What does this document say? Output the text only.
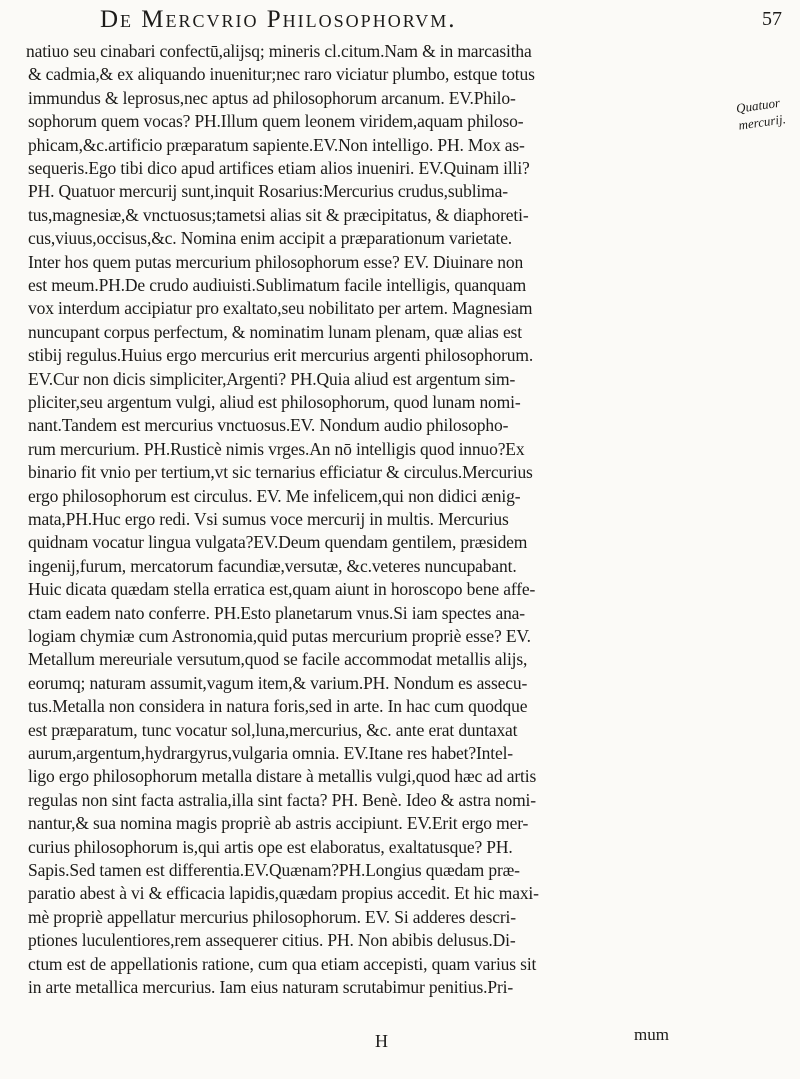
De Mercvrio Philosophorvm.	57
natiuo seu cinabari confectū,alijsq; mineris cl.citum.Nam & in marcasitha
& cadmia,& ex aliquando inuenitur;nec raro viciatur plumbo, estque totus
immundus & leprosus,nec aptus ad philosophorum arcanum. EV.Philo-
sophorum quem vocas? PH.Illum quem leonem viridem,aquam philoso-
phicam,&c.artificio præparatum sapiente.EV.Non intelligo. PH. Mox as-
sequeris.Ego tibi dico apud artifices etiam alios inueniri. EV.Quinam illi?
PH. Quatuor mercurij sunt,inquit Rosarius:Mercurius crudus,sublima-
tus,magnesiæ,& vnctuosus;tametsi alias sit & præcipitatus, & diaphoreti-
cus,viuus,occisus,&c. Nomina enim accipit a præparationum varietate.
Inter hos quem putas mercurium philosophorum esse? EV. Diuinare non
est meum.PH.De crudo audiuisti.Sublimatum facile intelligis, quanquam
vox interdum accipiatur pro exaltato,seu nobilitato per artem. Magnesiam
nuncupant corpus perfectum, & nominatim lunam plenam, quæ alias est
stibij regulus.Huius ergo mercurius erit mercurius argenti philosophorum.
EV.Cur non dicis simpliciter,Argenti? PH.Quia aliud est argentum sim-
pliciter,seu argentum vulgi, aliud est philosophorum, quod lunam nomi-
nant.Tandem est mercurius vnctuosus.EV. Nondum audio philosopho-
rum mercurium. PH.Rusticè nimis vrges.An nō intelligis quod innuo?Ex
binario fit vnio per tertium,vt sic ternarius efficiatur & circulus.Mercurius
ergo philosophorum est circulus. EV. Me infelicem,qui non didici ænig-
mata,PH.Huc ergo redi. Vsi sumus voce mercurij in multis. Mercurius
quidnam vocatur lingua vulgata?EV.Deum quendam gentilem, præsidem
ingenij,furum, mercatorum facundiæ,versutæ, &c.veteres nuncupabant.
Huic dicata quædam stella erratica est,quam aiunt in horoscopo bene affe-
ctam eadem nato conferre. PH.Esto planetarum vnus.Si iam spectes ana-
logiam chymiæ cum Astronomia,quid putas mercurium propriè esse? EV.
Metallum mereuriale versutum,quod se facile accommodat metallis alijs,
eorumq; naturam assumit,vagum item,& varium.PH. Nondum es assecu-
tus.Metalla non considera in natura foris,sed in arte. In hac cum quodque
est præparatum, tunc vocatur sol,luna,mercurius, &c. ante erat duntaxat
aurum,argentum,hydrargyrus,vulgaria omnia. EV.Itane res habet?Intel-
ligo ergo philosophorum metalla distare à metallis vulgi,quod hæc ad artis
regulas non sint facta astralia,illa sint facta? PH. Benè. Ideo & astra nomi-
nantur,& sua nomina magis propriè ab astris accipiunt. EV.Erit ergo mer-
curius philosophorum is,qui artis ope est elaboratus, exaltatusque? PH.
Sapis.Sed tamen est differentia.EV.Quænam?PH.Longius quædam præ-
paratio abest à vi & efficacia lapidis,quædam propius accedit. Et hic maxi-
mè propriè appellatur mercurius philosophorum. EV. Si adderes descri-
ptiones luculentiores,rem assequerer citius. PH. Non abibis delusus.Di-
ctum est de appellationis ratione, cum qua etiam accepisti, quam varius sit
in arte metallica mercurius. Iam eius naturam scrutabimur penitius.Pri-
Quatuor mercurij.
H	mum
